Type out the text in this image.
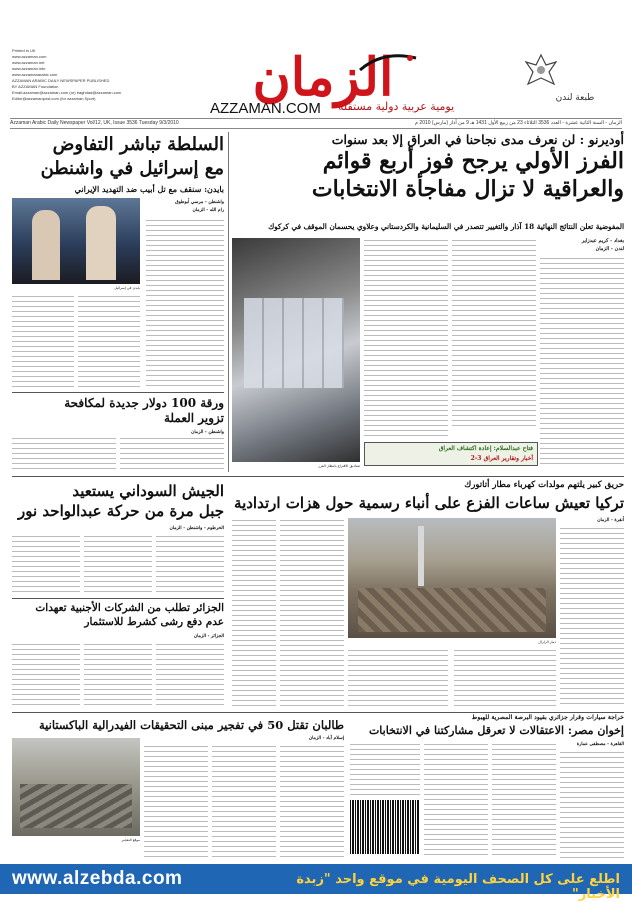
Printed in UK
www.azzaman.com
www.azzaman.net
www.azzaman.info
www.azzamanarabic.com
AZZAMAN ARABIC DAILY NEWSPAPER PUBLISHED
BY AZZAMAN Foundation
Email:azzaman@azzaman.com (or) baghdad@azzaman.com
Editor@azzamanpost.com (for azzaman Sport)	الزمان
AZZAMAN.COM يومية عربية دولية مستقلة
طبعة لندن
Azzaman Arabic Daily Newspaper Vol/12, UK, Issue 3536 Tuesday 9/3/2010	الزمان - السنة الثانية عشرة - العدد 3536 الثلاثاء 23 من ربيع الأول 1431 هـ 9 من آذار (مارس) 2010 م
أوديرنو : لن نعرف مدى نجاحنا في العراق إلا بعد سنوات
الفرز الأولي يرجح فوز أربع قوائم
والعراقية لا تزال مفاجأة الانتخابات
المفوضية تعلن النتائج النهائية 18 آذار والتغيير تتصدر في السليمانية والكردستاني وعلاوي يحسمان الموقف في كركوك
بغداد - كريم عبدزاير
لندن - الزمان
فتاح عبدالسلام: إعادة اكتشاف العراق
أخبار وتقارير العراق 3-2
صناديق الاقتراع بانتظار الفرز
السلطة تباشر التفاوض
مع إسرائيل في واشنطن
بايدن: سنقف مع تل أبيب ضد التهديد الإيراني
واشنطن - مرسي أبوطوق
رام الله - الزمان
بايدن في إسرائيل
ورقة 100 دولار جديدة لمكافحة
تزوير العملة
واشنطن - الزمان
حريق كبير يلتهم مولدات كهرباء مطار أتاتورك
تركيا تعيش ساعات الفزع على أنباء رسمية حول هزات ارتدادية
أنقرة - الزمان
دمار الزلزال
الجيش السوداني يستعيد
جبل مرة من حركة عبدالواحد نور
الخرطوم - واشنطن - الزمان
الجزائر تطلب من الشركات الأجنبية تعهدات
عدم دفع رشى كشرط للاستثمار
الجزائر - الزمان
خراجة سيارات وقرار جزائري بقيود البرصة المصرية للهبوط
إخوان مصر: الاعتقالات لا تعرقل مشاركتنا في الانتخابات
القاهرة - مصطفى عمارة
طالبان تقتل 50 في تفجير مبنى التحقيقات الفيدرالية الباكستانية
إسلام آباد - الزمان
موقع التفجير
www.alzebda.com	اطلع على كل الصحف اليومية في موقع واحد "زبدة الأخبار"
